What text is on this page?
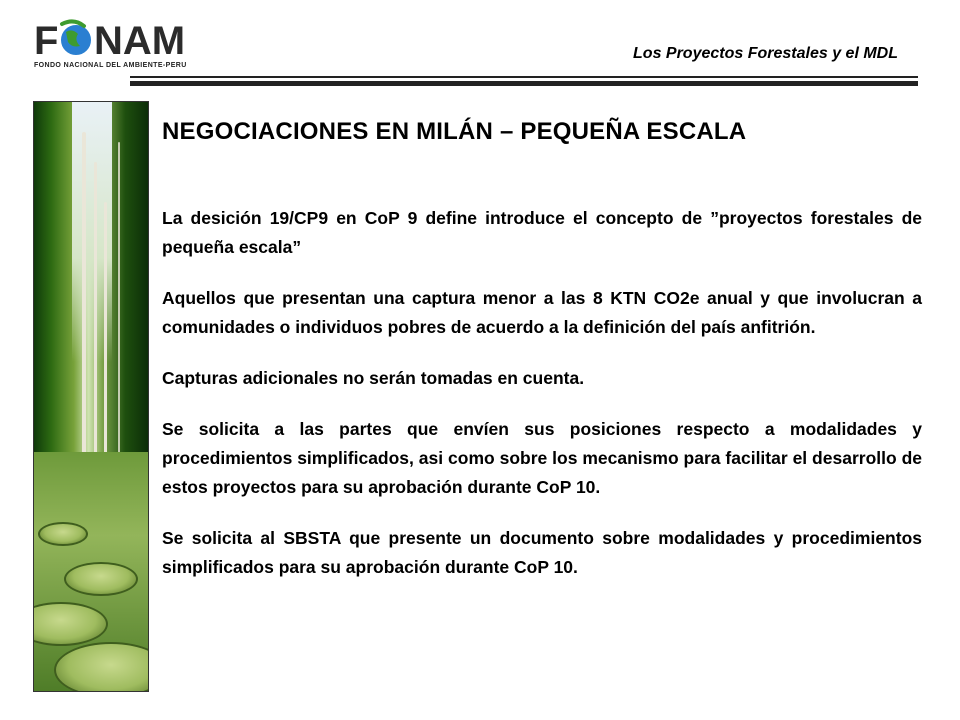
F NAM
FONDO NACIONAL DEL AMBIENTE-PERU
Los Proyectos Forestales y el MDL
NEGOCIACIONES EN MILÁN – PEQUEÑA ESCALA

La desición 19/CP9 en CoP 9 define introduce el concepto de ”proyectos forestales de pequeña escala”

Aquellos que presentan una captura menor a las 8 KTN CO2e anual y que involucran a comunidades o individuos pobres de acuerdo a la definición del país anfitrión.

Capturas adicionales no serán tomadas en cuenta.

Se solicita a las partes que envíen sus posiciones respecto a modalidades y procedimientos simplificados, asi como sobre los mecanismo para facilitar el desarrollo de estos proyectos para su aprobación durante CoP 10.

Se solicita al SBSTA que presente un documento sobre modalidades y procedimientos simplificados para su aprobación durante CoP 10.
